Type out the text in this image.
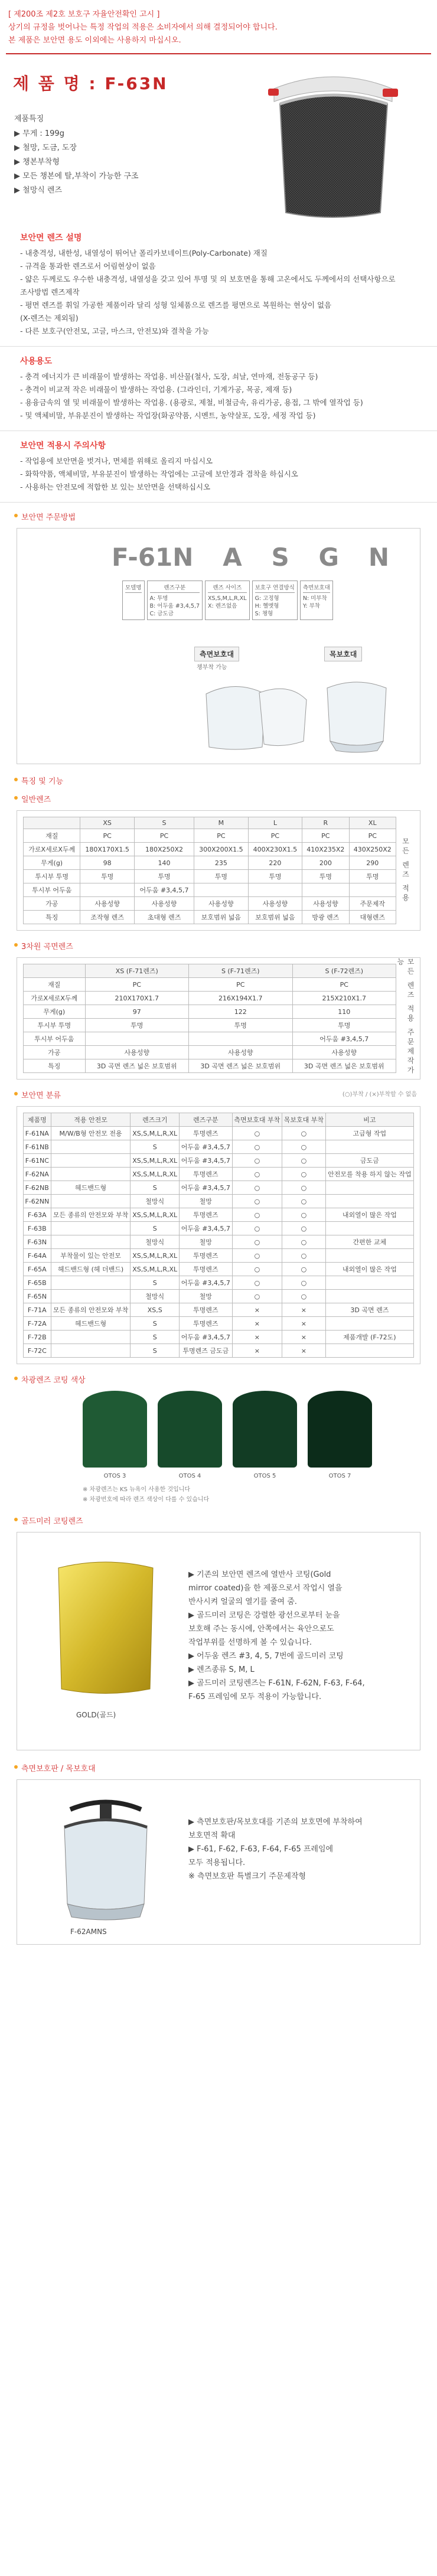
[ 제200조 제2호 보호구 자율안전확인 고시 ]

상기의 규정을 벗어나는 특정 작업의 적용은 소비자에서 의해 결정되어야 합니다.

본 제품은 보안면 용도 이외에는 사용하지 마십시오.

제 품 명 : F-63N
제품특징
▶ 무게 : 199g
▶ 철망, 도금, 도장
▶ 챙본부착형
▶ 모든 챙본에 탈,부착이 가능한 구조
▶ 철망식 렌즈
보안면 렌즈 설명

- 내충격성, 내한성, 내열성이 뛰어난 폴리카보네이트(Poly-Carbonate) 재질

- 규격을 통과한 렌즈로서 어림현상이 없음

- 얇은 두께로도 우수한 내충격성, 내열성을 갖고 있어 투명 및 의 보호면을 통해 고온에서도 두께에서의 선택사항으로

조사방법 렌즈제작

- 평면 렌즈를 휘일 가공한 제품이라 달리 성형 일체품으로 렌즈를 평면으로 복원하는 현상이 없음

(X-렌즈는 제외됨)

- 다른 보호구(안전모, 고글, 마스크, 안전모)와 결착을 가능

사용용도

- 충격 에너지가 큰 비래물이 발생하는 작업용. 비산물(철사, 도장, 쇠날, 연마재, 전동공구 등)

- 충격이 비교적 작은 비래물이 발생하는 작업용. (그라인더, 기계가공, 목공, 제재 등)

- 용융금속의 열 및 비래물이 발생하는 작업용. (용광로, 제철, 비철금속, 유리가공, 용접, 그 밖에 열작업 등)

- 및 액체비말, 부유분진이 발생하는 작업장(화공약품, 시멘트, 농약살포, 도장, 세정 작업 등)

보안면 적용시 주의사항

- 작업용에 보안면을 벗겨나, 면체를 위해로 올리지 마십시오

- 화학약품, 액체비말, 부유분진이 발생하는 작업에는 고글에 보안경과 겸착을 하십시오

- 사용하는 안전모에 적합한 보 있는 보안면을 선택하십시오

보안면 주문방법
F-61N A S G N
모델명	렌즈구분
A: 투명
B: 어두움 #3,4,5,7
C: 금도금
렌즈 사이즈
XS,S,M,L,R,XL
X: 렌즈없음
보호구 연결방식
G: 고정형
H: 헬멧형
S: 챙형
측면보호대
N: 미부착
Y: 부착
측면보호대
챙부착 가능
목보호대
특징 및 기능
일반렌즈
	XS	S	M	L	R	XL
재질	PC	PC	PC	PC	PC	PC
가로X세로X두께	180X170X1.5	180X250X2	300X200X1.5	400X230X1.5	410X235X2	430X250X2
무게(g)	98	140	235	220	200	290
투시부 투명	투명	투명	투명	투명	투명	투명
투시부 어두움		어두움 #3,4,5,7				
가공	사용성향	사용성향	사용성향	사용성향	사용성향	주문제작
특징	조작형 렌즈	초대형 렌즈	보호범위 넓음	보호범위 넓음	방광 렌즈	대형렌즈
모든 렌즈 적용
3차원 곡면렌즈
	XS (F-71렌즈)	S (F-71렌즈)	S (F-72렌즈)
재질	PC	PC	PC
가로X세로X두께	210X170X1.7	216X194X1.7	215X210X1.7
무게(g)	97	122	110
투시부 투명	투명	투명	투명
투시부 어두움			어두움 #3,4,5,7
가공	사용성향	사용성향	사용성향
특징	3D 곡면 렌즈 넓은 보호범위	3D 곡면 렌즈 넓은 보호범위	3D 곡면 렌즈 넓은 보호범위	모든 렌즈 적용 주문제작가능
보안면 분류	(○)부착 / (×)부착할 수 없음
제품명	적용 안전모	렌즈크기	렌즈구분	측면보호대 부착	목보호대 부착	비고
F-61NA	M/W/B형 안전모 전용	XS,S,M,L,R,XL	투명렌즈	○	○	고급형 작업
F-61NB		S	어두움 #3,4,5,7	○	○	
F-61NC		XS,S,M,L,R,XL	어두움 #3,4,5,7	○	○	금도금
F-62NA		XS,S,M,L,R,XL	투명렌즈	○	○	안전모를 착용 하지 않는 작업
F-62NB	헤드밴드형	S	어두움 #3,4,5,7	○	○	
F-62NN		철망식	철망	○	○	
F-63A	모든 종류의 안전모와 부착	XS,S,M,L,R,XL	투명렌즈	○	○	내외열이 많은 작업
F-63B		S	어두움 #3,4,5,7	○	○	
F-63N		철망식	철망	○	○	간편한 교체
F-64A	부착물이 있는 안전모	XS,S,M,L,R,XL	투명렌즈	○	○	
F-65A	헤드밴드형 (헤 더밴드)	XS,S,M,L,R,XL	투명렌즈	○	○	내외열이 많은 작업
F-65B		S	어두움 #3,4,5,7	○	○	
F-65N		철망식	철망	○	○	
F-71A	모든 종류의 안전모와 부착	XS,S	투명렌즈	×	×	3D 곡면 렌즈
F-72A	헤드밴드형	S	투명렌즈	×	×	
F-72B		S	어두움 #3,4,5,7	×	×	제품개발 (F-72도)
F-72C		S	투명렌즈 금도금	×	×	
차광렌즈 코팅 색상
OTOS 3	OTOS 4	OTOS 5	OTOS 7

※ 차광렌즈는 KS 뉴욕이 사용한 것입니다

※ 차광번호에 따라 렌즈 색상이 다를 수 있습니다

골드미러 코팅렌즈
GOLD(골드)
▶ 기존의 보안면 렌즈에 열반사 코팅(Gold
mirror coated)을 한 제품으로서 작업시 열을
반사시켜 얼굴의 열기를 줄여 줌.
▶ 골드미러 코팅은 강렬한 광선으로부터 눈을
보호해 주는 동시에, 안쪽에서는 육안으로도
작업부위를 선명하게 볼 수 있습니다.
▶ 어두움 렌즈 #3, 4, 5, 7번에 골드미러 코팅
▶ 렌즈종류 S, M, L
▶ 골드미러 코팅렌즈는 F-61N, F-62N, F-63, F-64,
F-65 프레임에 모두 적용이 가능합니다.
측면보호판 / 목보호대
F-62AMNS
▶ 측면보호판/목보호대를 기존의 보호면에 부착하여
보호면적 확대
▶ F-61, F-62, F-63, F-64, F-65 프레임에
모두 적용됩니다.
※ 측면보호판 특별크기 주문제작형
